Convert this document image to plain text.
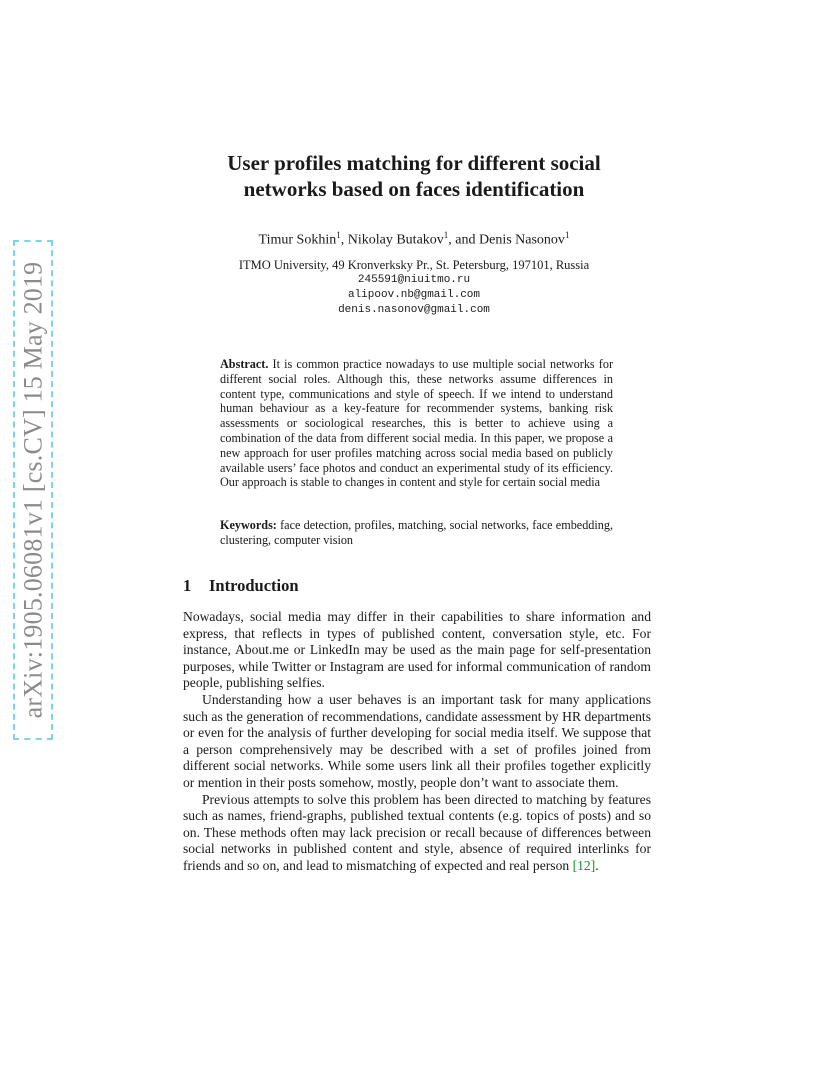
arXiv:1905.06081v1 [cs.CV] 15 May 2019
User profiles matching for different social
networks based on faces identification
Timur Sokhin$^1$, Nikolay Butakov$^1$, and Denis Nasonov$^1$
ITMO University, 49 Kronverksky Pr., St. Petersburg, 197101, Russia
245591@niuitmo.ru
alipoov.nb@gmail.com
denis.nasonov@gmail.com
Abstract. It is common practice nowadays to use multiple social networks for different social roles. Although this, these networks assume differences in content type, communications and style of speech. If we intend to understand human behaviour as a key-feature for recommender systems, banking risk assessments or sociological researches, this is better to achieve using a combination of the data from different social media. In this paper, we propose a new approach for user profiles matching across social media based on publicly available users’ face photos and conduct an experimental study of its efficiency. Our approach is stable to changes in content and style for certain social media
Keywords: face detection, profiles, matching, social networks, face embedding, clustering, computer vision
1 Introduction

Nowadays, social media may differ in their capabilities to share information and express, that reflects in types of published content, conversation style, etc. For instance, About.me or LinkedIn may be used as the main page for self-presentation purposes, while Twitter or Instagram are used for informal communication of random people, publishing selfies.

Understanding how a user behaves is an important task for many applications such as the generation of recommendations, candidate assessment by HR departments or even for the analysis of further developing for social media itself. We suppose that a person comprehensively may be described with a set of profiles joined from different social networks. While some users link all their profiles together explicitly or mention in their posts somehow, mostly, people don’t want to associate them.

Previous attempts to solve this problem has been directed to matching by features such as names, friend-graphs, published textual contents (e.g. topics of posts) and so on. These methods often may lack precision or recall because of differences between social networks in published content and style, absence of required interlinks for friends and so on, and lead to mismatching of expected and real person [12].
